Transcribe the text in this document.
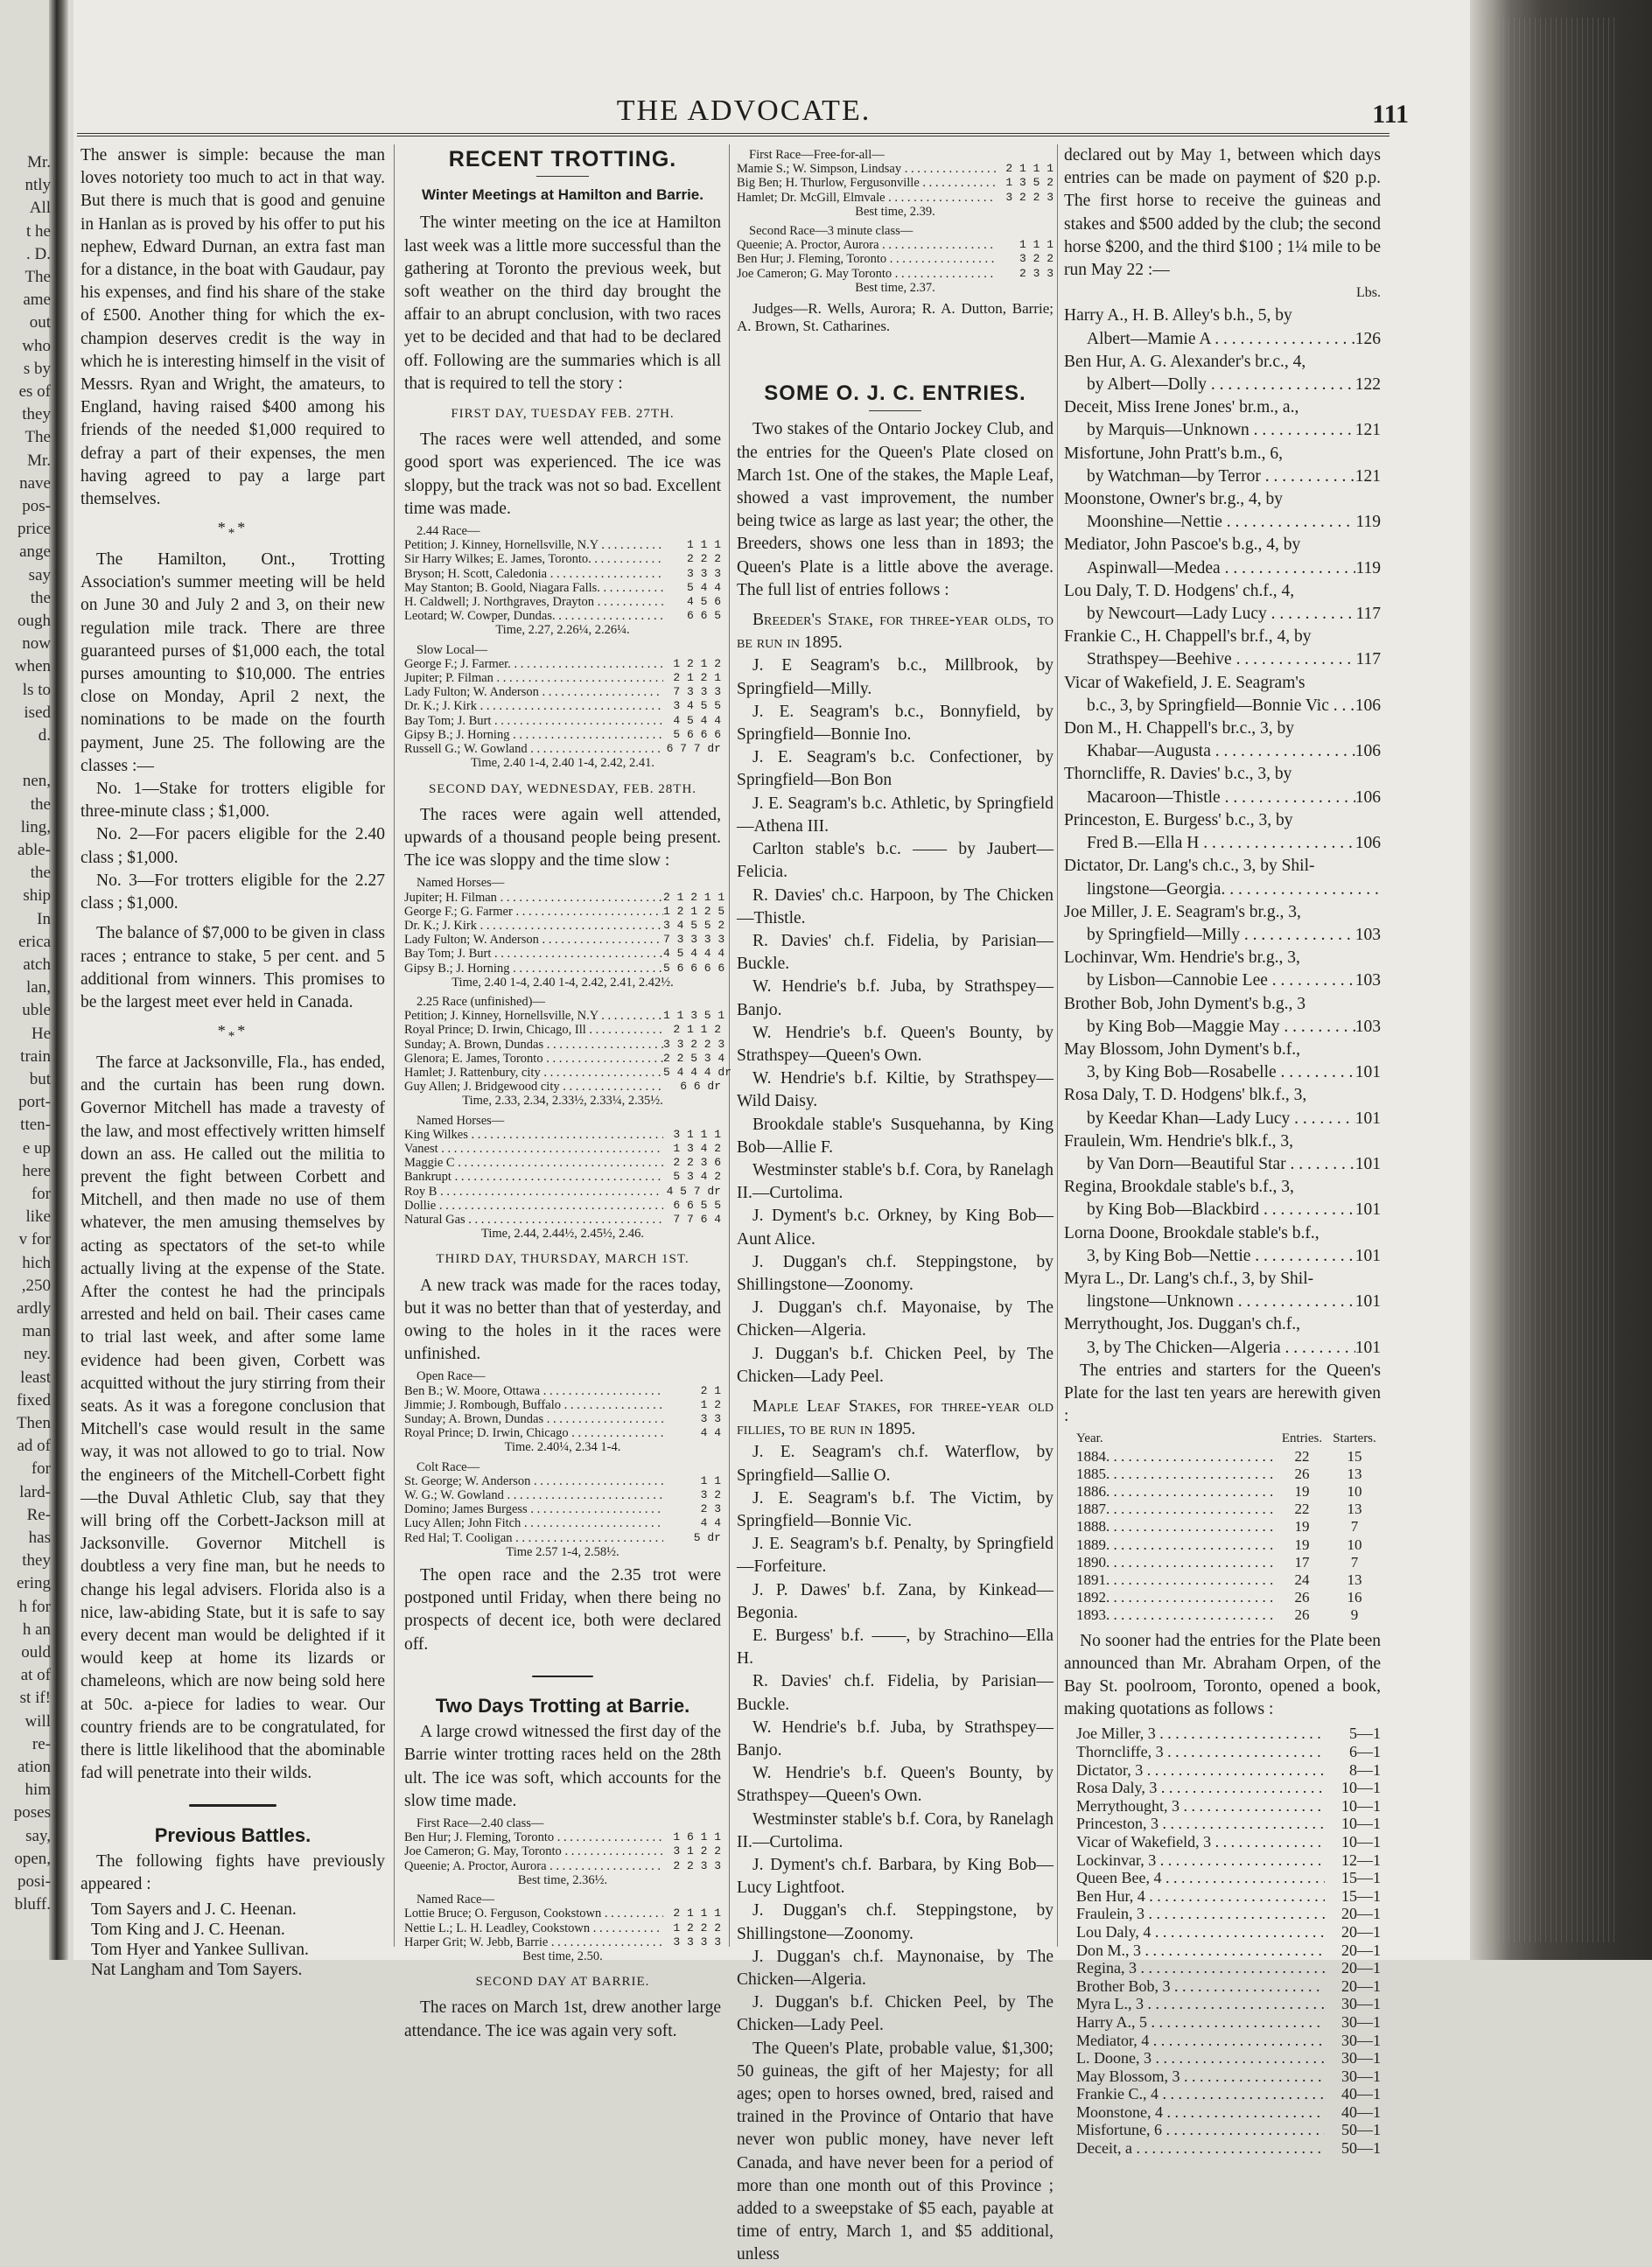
Mr.
ntly
All
t he
. D.
The
ame
out
who
s by
es of
they
The
Mr.
nave
pos-
price
ange
say
the
ough
now
when
ls to
ised
d.
nen,
the
ling,
able-
the
ship
In
erica
atch
lan,
uble
He
train
but
port-
tten-
e up
here
for
like
v for
hich
,250
ardly
man
ney.
least
fixed
Then
ad of
for
lard-
Re-
has
they
ering
h for
h an
ould
at of
st if!
will
re-
ation
him
poses
say,
open,
posi-
bluff.
THE ADVOCATE.	111

The answer is simple: because the man loves notoriety too much to act in that way. But there is much that is good and genuine in Hanlan as is proved by his offer to put his nephew, Edward Durnan, an extra fast man for a distance, in the boat with Gaudaur, pay his expenses, and find his share of the stake of £500. Another thing for which the ex-champion deserves credit is the way in which he is interesting himself in the visit of Messrs. Ryan and Wright, the amateurs, to England, having raised $400 among his friends of the needed $1,000 required to defray a part of their expenses, the men having agreed to pay a large part themselves.

$*_**$

The Hamilton, Ont., Trotting Association's summer meeting will be held on June 30 and July 2 and 3, on their new regulation mile track. There are three guaranteed purses of $1,000 each, the total purses amounting to $10,000. The entries close on Monday, April 2 next, the nominations to be made on the fourth payment, June 25. The following are the classes :—

No. 1—Stake for trotters eligible for three-minute class ; $1,000.

No. 2—For pacers eligible for the 2.40 class ; $1,000.

No. 3—For trotters eligible for the 2.27 class ; $1,000.

The balance of $7,000 to be given in class races ; entrance to stake, 5 per cent. and 5 additional from winners. This promises to be the largest meet ever held in Canada.

$*_**$

The farce at Jacksonville, Fla., has ended, and the curtain has been rung down. Governor Mitchell has made a travesty of the law, and most effectively written himself down an ass. He called out the militia to prevent the fight between Corbett and Mitchell, and then made no use of them whatever, the men amusing themselves by acting as spectators of the set-to while actually living at the expense of the State. After the contest he had the principals arrested and held on bail. Their cases came to trial last week, and after some lame evidence had been given, Corbett was acquitted without the jury stirring from their seats. As it was a foregone conclusion that Mitchell's case would result in the same way, it was not allowed to go to trial. Now the engineers of the Mitchell-Corbett fight—the Duval Athletic Club, say that they will bring off the Corbett-Jackson mill at Jacksonville. Governor Mitchell is doubtless a very fine man, but he needs to change his legal advisers. Florida also is a nice, law-abiding State, but it is safe to say every decent man would be delighted if it would keep at home its lizards or chameleons, which are now being sold here at 50c. a-piece for ladies to wear. Our country friends are to be congratulated, for there is little likelihood that the abominable fad will penetrate into their wilds.

Previous Battles.

The following fights have previously appeared :

Tom Sayers and J. C. Heenan.
Tom King and J. C. Heenan.
Tom Hyer and Yankee Sullivan.
Nat Langham and Tom Sayers.
RECENT TROTTING.
Winter Meetings at Hamilton and Barrie.

The winter meeting on the ice at Hamilton last week was a little more successful than the gathering at Toronto the previous week, but soft weather on the third day brought the affair to an abrupt conclusion, with two races yet to be decided and that had to be declared off. Following are the summaries which is all that is required to tell the story :

FIRST DAY, TUESDAY FEB. 27TH.

The races were well attended, and some good sport was experienced. The ice was sloppy, but the track was not so bad. Excellent time was made.

2.44 Race—
Petition; J. Kinney, Hornellsville, N.Y . . .	1 1 1
Sir Harry Wilkes; E. James, Toronto. . . .	2 2 2
Bryson; H. Scott, Caledonia . . .	3 3 3
May Stanton; B. Goold, Niagara Falls. . . .	5 4 4
H. Caldwell; J. Northgraves, Drayton . . .	4 5 6
Leotard; W. Cowper, Dundas. . . .	6 6 5
Time, 2.27, 2.26¼, 2.26¼.
Slow Local—
George F.; J. Farmer. . . .	1 2 1 2
Jupiter; P. Filman . . .	2 1 2 1
Lady Fulton; W. Anderson . . .	7 3 3 3
Dr. K.; J. Kirk . . .	3 4 5 5
Bay Tom; J. Burt . . .	4 5 4 4
Gipsy B.; J. Horning . . .	5 6 6 6
Russell G.; W. Gowland . . .	6 7 7 dr
Time, 2.40 1-4, 2.40 1-4, 2.42, 2.41.
SECOND DAY, WEDNESDAY, FEB. 28TH.

The races were again well attended, upwards of a thousand people being present. The ice was sloppy and the time slow :

Named Horses—
Jupiter; H. Filman . . .	2 1 2 1 1
George F.; G. Farmer . . .	1 2 1 2 5
Dr. K.; J. Kirk . . .	3 4 5 5 2
Lady Fulton; W. Anderson . . .	7 3 3 3 3
Bay Tom; J. Burt . . .	4 5 4 4 4
Gipsy B.; J. Horning . . .	5 6 6 6 6
Time, 2.40 1-4, 2.40 1-4, 2.42, 2.41, 2.42½.
2.25 Race (unfinished)—
Petition; J. Kinney, Hornellsville, N.Y . . .	1 1 3 5 1
Royal Prince; D. Irwin, Chicago, Ill . . .	2 1 1 2
Sunday; A. Brown, Dundas . . .	3 3 2 2 3
Glenora; E. James, Toronto . . .	2 2 5 3 4
Hamlet; J. Rattenbury, city . . .	5 4 4 4 dr
Guy Allen; J. Bridgewood city . . .	6 6 dr
Time, 2.33, 2.34, 2.33½, 2.33¼, 2.35½.
Named Horses—
King Wilkes . . .	3 1 1 1
Vanest . . .	1 3 4 2
Maggie C . . .	2 2 3 6
Bankrupt . . .	5 3 4 2
Roy B . . .	4 5 7 dr
Dollie . . .	6 6 5 5
Natural Gas . . .	7 7 6 4
Time, 2.44, 2.44½, 2.45½, 2.46.
THIRD DAY, THURSDAY, MARCH 1ST.

A new track was made for the races today, but it was no better than that of yesterday, and owing to the holes in it the races were unfinished.

Open Race—
Ben B.; W. Moore, Ottawa . . .	2 1
Jimmie; J. Rombough, Buffalo . . .	1 2
Sunday; A. Brown, Dundas . . .	3 3
Royal Prince; D. Irwin, Chicago . . .	4 4
Time. 2.40¼, 2.34 1-4.
Colt Race—
St. George; W. Anderson . . .	1 1
W. G.; W. Gowland . . .	3 2
Domino; James Burgess . . .	2 3
Lucy Allen; John Fitch . . .	4 4
Red Hal; T. Cooligan . . .	5 dr
Time 2.57 1-4, 2.58½.

The open race and the 2.35 trot were postponed until Friday, when there being no prospects of decent ice, both were declared off.

Two Days Trotting at Barrie.

A large crowd witnessed the first day of the Barrie winter trotting races held on the 28th ult. The ice was soft, which accounts for the slow time made.

First Race—2.40 class—
Ben Hur; J. Fleming, Toronto . . .	1 6 1 1
Joe Cameron; G. May, Toronto . . .	3 1 2 2
Queenie; A. Proctor, Aurora . . .	2 2 3 3
Best time, 2.36½.
Named Race—
Lottie Bruce; O. Ferguson, Cookstown . . .	2 1 1 1
Nettie L.; L. H. Leadley, Cookstown . . .	1 2 2 2
Harper Grit; W. Jebb, Barrie . . .	3 3 3 3
Best time, 2.50.
SECOND DAY AT BARRIE.

The races on March 1st, drew another large attendance. The ice was again very soft.

First Race—Free-for-all—
Mamie S.; W. Simpson, Lindsay . . .	2 1 1 1
Big Ben; H. Thurlow, Fergusonville . . .	1 3 5 2
Hamlet; Dr. McGill, Elmvale . . .	3 2 2 3
Best time, 2.39.
Second Race—3 minute class—
Queenie; A. Proctor, Aurora . . .	1 1 1
Ben Hur; J. Fleming, Toronto . . .	3 2 2
Joe Cameron; G. May Toronto . . .	2 3 3
Best time, 2.37.

Judges—R. Wells, Aurora; R. A. Dutton, Barrie; A. Brown, St. Catharines.

SOME O. J. C. ENTRIES.

Two stakes of the Ontario Jockey Club, and the entries for the Queen's Plate closed on March 1st. One of the stakes, the Maple Leaf, showed a vast improvement, the number being twice as large as last year; the other, the Breeders, shows one less than in 1893; the Queen's Plate is a little above the average. The full list of entries follows :

Breeder's Stake, for three-year olds, to be run in 1895.

J. E Seagram's b.c., Millbrook, by Springfield—Milly.

J. E. Seagram's b.c., Bonnyfield, by Springfield—Bonnie Ino.

J. E. Seagram's b.c. Confectioner, by Springfield—Bon Bon

J. E. Seagram's b.c. Athletic, by Springfield—Athena III.

Carlton stable's b.c. —— by Jaubert—Felicia.

R. Davies' ch.c. Harpoon, by The Chicken—Thistle.

R. Davies' ch.f. Fidelia, by Parisian—Buckle.

W. Hendrie's b.f. Juba, by Strathspey—Banjo.

W. Hendrie's b.f. Queen's Bounty, by Strathspey—Queen's Own.

W. Hendrie's b.f. Kiltie, by Strathspey—Wild Daisy.

Brookdale stable's Susquehanna, by King Bob—Allie F.

Westminster stable's b.f. Cora, by Ranelagh II.—Curtolima.

J. Dyment's b.c. Orkney, by King Bob—Aunt Alice.

J. Duggan's ch.f. Steppingstone, by Shillingstone—Zoonomy.

J. Duggan's ch.f. Mayonaise, by The Chicken—Algeria.

J. Duggan's b.f. Chicken Peel, by The Chicken—Lady Peel.

Maple Leaf Stakes, for three-year old fillies, to be run in 1895.

J. E. Seagram's ch.f. Waterflow, by Springfield—Sallie O.

J. E. Seagram's b.f. The Victim, by Springfield—Bonnie Vic.

J. E. Seagram's b.f. Penalty, by Springfield—Forfeiture.

J. P. Dawes' b.f. Zana, by Kinkead—Begonia.

E. Burgess' b.f. ——, by Strachino—Ella H.

R. Davies' ch.f. Fidelia, by Parisian—Buckle.

W. Hendrie's b.f. Juba, by Strathspey—Banjo.

W. Hendrie's b.f. Queen's Bounty, by Strathspey—Queen's Own.

Westminster stable's b.f. Cora, by Ranelagh II.—Curtolima.

J. Dyment's ch.f. Barbara, by King Bob—Lucy Lightfoot.

J. Duggan's ch.f. Steppingstone, by Shillingstone—Zoonomy.

J. Duggan's ch.f. Maynonaise, by The Chicken—Algeria.

J. Duggan's b.f. Chicken Peel, by The Chicken—Lady Peel.

The Queen's Plate, probable value, $1,300; 50 guineas, the gift of her Majesty; for all ages; open to horses owned, bred, raised and trained in the Province of Ontario that have never won public money, have never left Canada, and have never been for a period of more than one month out of this Province ; added to a sweepstake of $5 each, payable at time of entry, March 1, and $5 additional, unless

declared out by May 1, between which days entries can be made on payment of $20 p.p. The first horse to receive the guineas and stakes and $500 added by the club; the second horse $200, and the third $100 ; 1¼ mile to be run May 22 :—

Lbs.
Harry A., H. B. Alley's b.h., 5, by
Albert—Mamie A . . .	126
Ben Hur, A. G. Alexander's br.c., 4,
by Albert—Dolly . . .	122
Deceit, Miss Irene Jones' br.m., a.,
by Marquis—Unknown . . .	121
Misfortune, John Pratt's b.m., 6,
by Watchman—by Terror . . .	121
Moonstone, Owner's br.g., 4, by
Moonshine—Nettie . . .	119
Mediator, John Pascoe's b.g., 4, by
Aspinwall—Medea . . .	119
Lou Daly, T. D. Hodgens' ch.f., 4,
by Newcourt—Lady Lucy . . .	117
Frankie C., H. Chappell's br.f., 4, by
Strathspey—Beehive . . .	117
Vicar of Wakefield, J. E. Seagram's
b.c., 3, by Springfield—Bonnie Vic . . .	106
Don M., H. Chappell's br.c., 3, by
Khabar—Augusta . . .	106
Thorncliffe, R. Davies' b.c., 3, by
Macaroon—Thistle . . .	106
Princeston, E. Burgess' b.c., 3, by
Fred B.—Ella H . . .	106
Dictator, Dr. Lang's ch.c., 3, by Shil-
lingstone—Georgia. . . .
Joe Miller, J. E. Seagram's br.g., 3,
by Springfield—Milly . . .	103
Lochinvar, Wm. Hendrie's br.g., 3,
by Lisbon—Cannobie Lee . . .	103
Brother Bob, John Dyment's b.g., 3
by King Bob—Maggie May . . .	103
May Blossom, John Dyment's b.f.,
3, by King Bob—Rosabelle . . .	101
Rosa Daly, T. D. Hodgens' blk.f., 3,
by Keedar Khan—Lady Lucy . . .	101
Fraulein, Wm. Hendrie's blk.f., 3,
by Van Dorn—Beautiful Star . . .	101
Regina, Brookdale stable's b.f., 3,
by King Bob—Blackbird . . .	101
Lorna Doone, Brookdale stable's b.f.,
3, by King Bob—Nettie . . .	101
Myra L., Dr. Lang's ch.f., 3, by Shil-
lingstone—Unknown . . .	101
Merrythought, Jos. Duggan's ch.f.,
3, by The Chicken—Algeria . . .	101

The entries and starters for the Queen's Plate for the last ten years are herewith given :

Year.	Entries. Starters.
1884. . . .	22	15
1885. . . .	26	13
1886. . . .	19	10
1887. . . .	22	13
1888. . . .	19	7
1889. . . .	19	10
1890. . . .	17	7
1891. . . .	24	13
1892. . . .	26	16
1893. . . .	26	9

No sooner had the entries for the Plate been announced than Mr. Abraham Orpen, of the Bay St. poolroom, Toronto, opened a book, making quotations as follows :

Joe Miller, 3 . . .	5—1
Thorncliffe, 3 . . .	6—1
Dictator, 3 . . .	8—1
Rosa Daly, 3 . . .	10—1
Merrythought, 3 . . .	10—1
Princeston, 3 . . .	10—1
Vicar of Wakefield, 3 . . .	10—1
Lockinvar, 3 . . .	12—1
Queen Bee, 4 . . .	15—1
Ben Hur, 4 . . .	15—1
Fraulein, 3 . . .	20—1
Lou Daly, 4 . . .	20—1
Don M., 3 . . .	20—1
Regina, 3 . . .	20—1
Brother Bob, 3 . . .	20—1
Myra L., 3 . . .	30—1
Harry A., 5 . . .	30—1
Mediator, 4 . . .	30—1
L. Doone, 3 . . .	30—1
May Blossom, 3 . . .	30—1
Frankie C., 4 . . .	40—1
Moonstone, 4 . . .	40—1
Misfortune, 6 . . .	50—1
Deceit, a . . .	50—1
